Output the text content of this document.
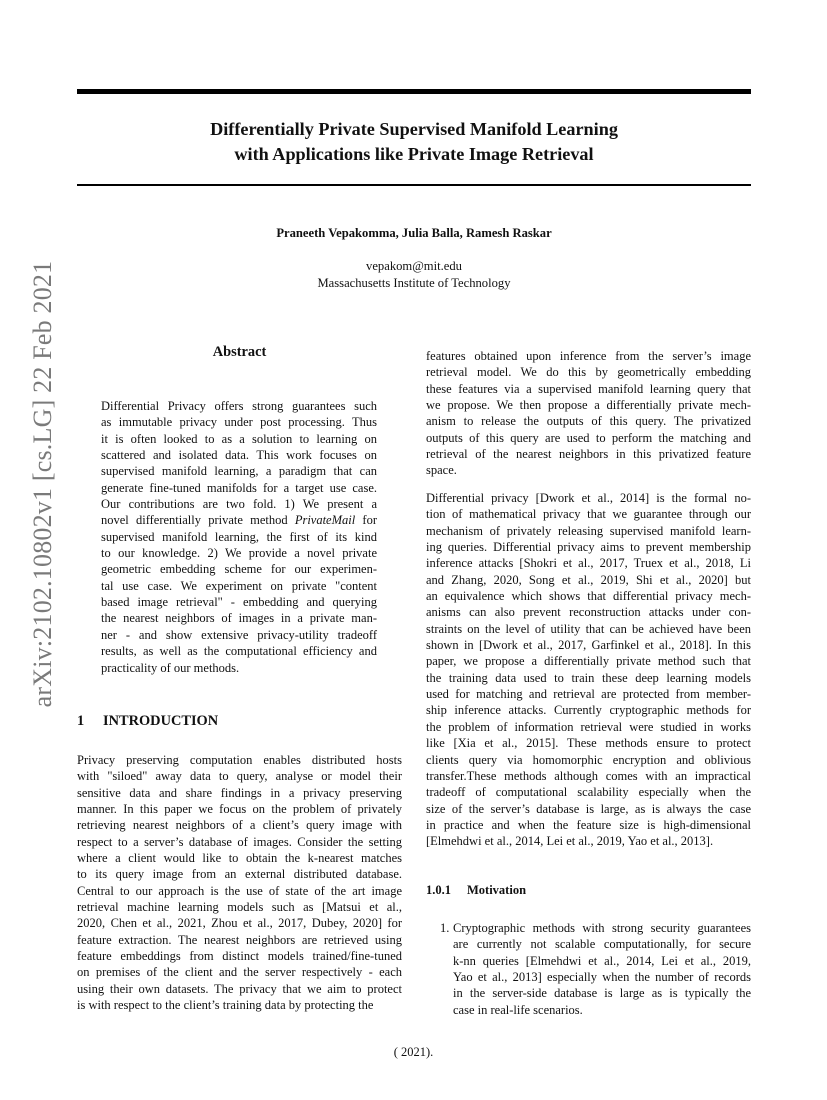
Differentially Private Supervised Manifold Learning
with Applications like Private Image Retrieval
Praneeth Vepakomma, Julia Balla, Ramesh Raskar
vepakom@mit.edu
Massachusetts Institute of Technology
arXiv:2102.10802v1 [cs.LG] 22 Feb 2021	Abstract
Differential Privacy offers strong guarantees such
as immutable privacy under post processing. Thus
it is often looked to as a solution to learning on
scattered and isolated data. This work focuses on
supervised manifold learning, a paradigm that can
generate fine-tuned manifolds for a target use case.
Our contributions are two fold. 1) We present a
novel differentially private method PrivateMail for
supervised manifold learning, the first of its kind
to our knowledge. 2) We provide a novel private
geometric embedding scheme for our experimen-
tal use case. We experiment on private "content
based image retrieval" - embedding and querying
the nearest neighbors of images in a private man-
ner - and show extensive privacy-utility tradeoff
results, as well as the computational efficiency and
practicality of our methods.
1 INTRODUCTION
Privacy preserving computation enables distributed hosts
with "siloed" away data to query, analyse or model their
sensitive data and share findings in a privacy preserving
manner. In this paper we focus on the problem of privately
retrieving nearest neighbors of a client’s query image with
respect to a server’s database of images. Consider the setting
where a client would like to obtain the k-nearest matches
to its query image from an external distributed database.
Central to our approach is the use of state of the art image
retrieval machine learning models such as [Matsui et al.,
2020, Chen et al., 2021, Zhou et al., 2017, Dubey, 2020] for
feature extraction. The nearest neighbors are retrieved using
feature embeddings from distinct models trained/fine-tuned
on premises of the client and the server respectively - each
using their own datasets. The privacy that we aim to protect
is with respect to the client’s training data by protecting the
features obtained upon inference from the server’s image
retrieval model. We do this by geometrically embedding
these features via a supervised manifold learning query that
we propose. We then propose a differentially private mech-
anism to release the outputs of this query. The privatized
outputs of this query are used to perform the matching and
retrieval of the nearest neighbors in this privatized feature
space.
Differential privacy [Dwork et al., 2014] is the formal no-
tion of mathematical privacy that we guarantee through our
mechanism of privately releasing supervised manifold learn-
ing queries. Differential privacy aims to prevent membership
inference attacks [Shokri et al., 2017, Truex et al., 2018, Li
and Zhang, 2020, Song et al., 2019, Shi et al., 2020] but
an equivalence which shows that differential privacy mech-
anisms can also prevent reconstruction attacks under con-
straints on the level of utility that can be achieved have been
shown in [Dwork et al., 2017, Garfinkel et al., 2018]. In this
paper, we propose a differentially private method such that
the training data used to train these deep learning models
used for matching and retrieval are protected from member-
ship inference attacks. Currently cryptographic methods for
the problem of information retrieval were studied in works
like [Xia et al., 2015]. These methods ensure to protect
clients query via homomorphic encryption and oblivious
transfer.These methods although comes with an impractical
tradeoff of computational scalability especially when the
size of the server’s database is large, as is always the case
in practice and when the feature size is high-dimensional
[Elmehdwi et al., 2014, Lei et al., 2019, Yao et al., 2013].
1.0.1 Motivation
1. Cryptographic methods with strong security guarantees
are currently not scalable computationally, for secure
k-nn queries [Elmehdwi et al., 2014, Lei et al., 2019,
Yao et al., 2013] especially when the number of records
in the server-side database is large as is typically the
case in real-life scenarios.
( 2021).
